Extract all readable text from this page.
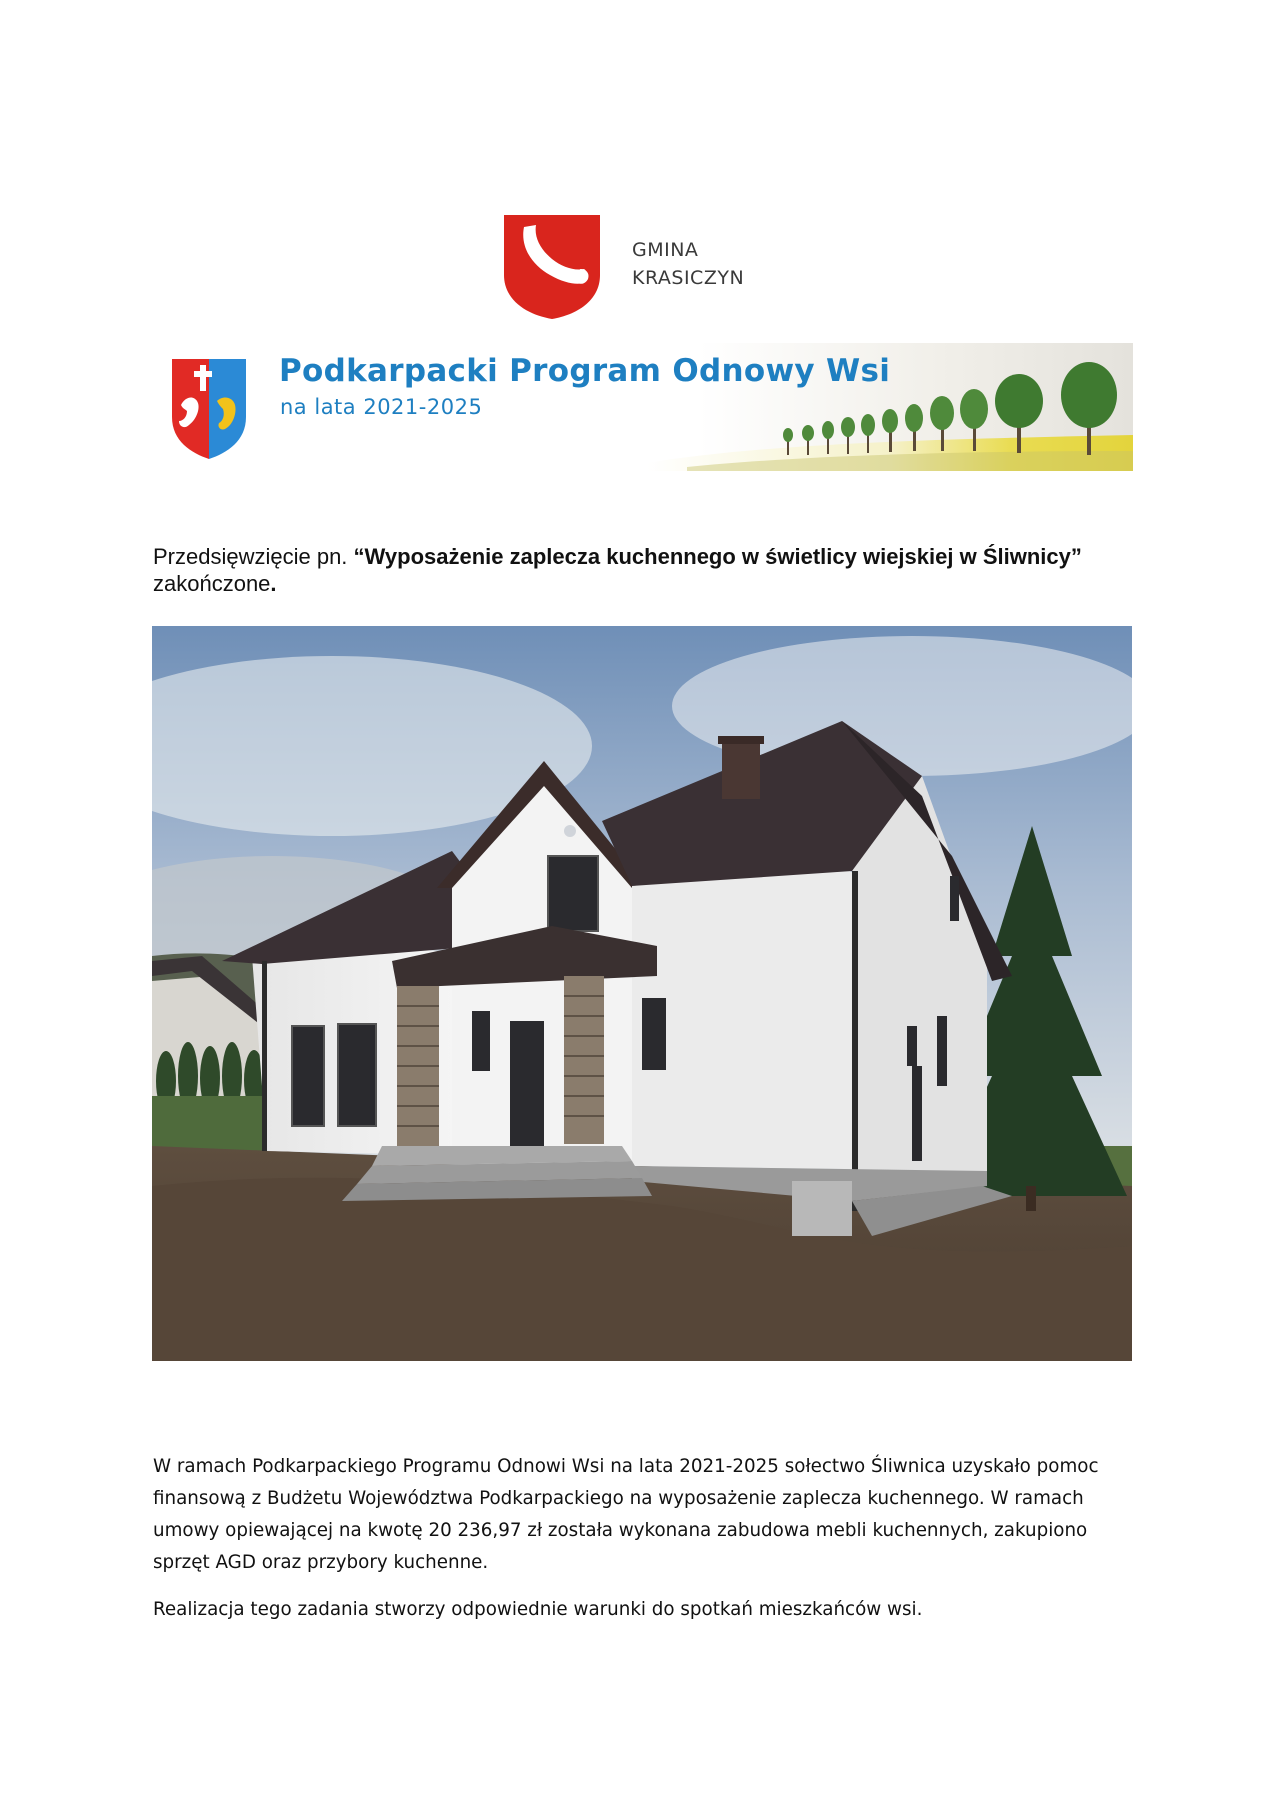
GMINA
KRASICZYN
Podkarpacki Program Odnowy Wsi
na lata 2021-2025
Przedsięwzięcie pn. “Wyposażenie zaplecza kuchennego w świetlicy wiejskiej w Śliwnicy” zakończone.

W ramach Podkarpackiego Programu Odnowi Wsi na lata 2021-2025 sołectwo Śliwnica uzyskało pomoc finansową z Budżetu Województwa Podkarpackiego na wyposażenie zaplecza kuchennego. W ramach umowy opiewającej na kwotę 20 236,97 zł została wykonana zabudowa mebli kuchennych, zakupiono sprzęt AGD oraz przybory kuchenne.

Realizacja tego zadania stworzy odpowiednie warunki do spotkań mieszkańców wsi.
